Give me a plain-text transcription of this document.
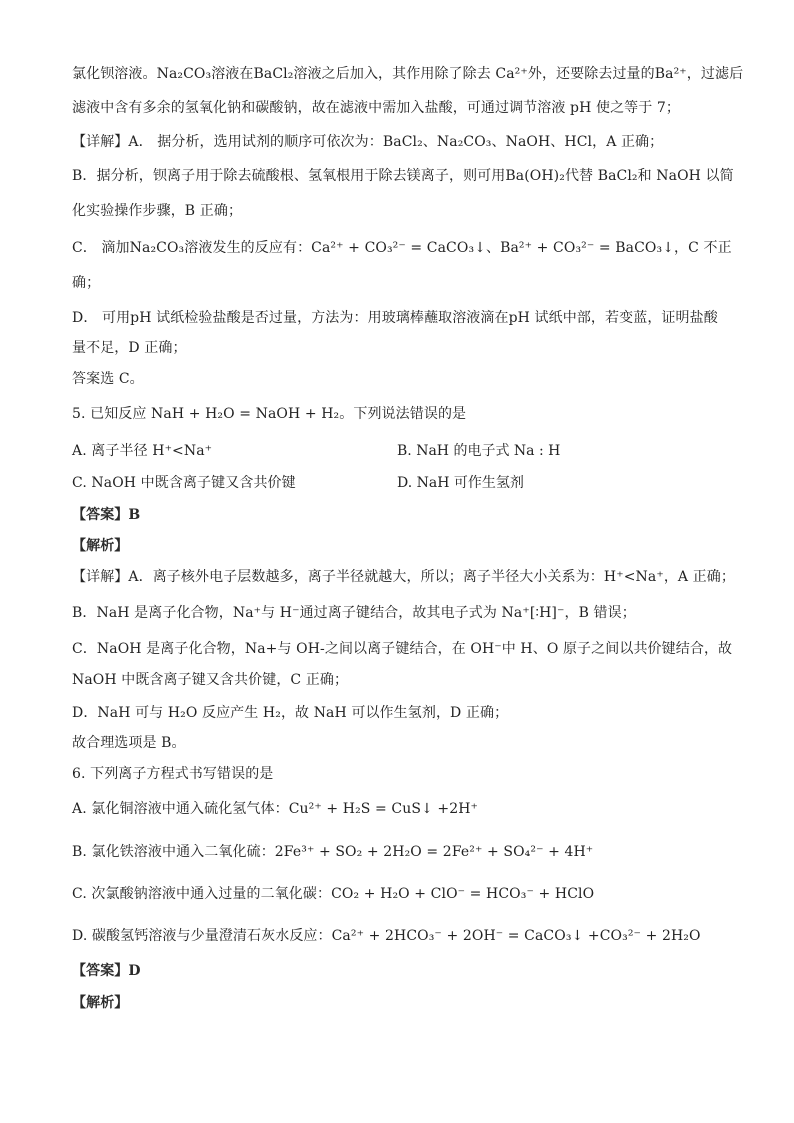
氯化钡溶液。Na₂CO₃溶液在BaCl₂溶液之后加入，其作用除了除去 Ca²⁺外，还要除去过量的Ba²⁺，过滤后
滤液中含有多余的氢氧化钠和碳酸钠，故在滤液中需加入盐酸，可通过调节溶液 pH 使之等于 7；
【详解】A． 据分析，选用试剂的顺序可依次为：BaCl₂、Na₂CO₃、NaOH、HCl，A 正确；
B．据分析，钡离子用于除去硫酸根、氢氧根用于除去镁离子，则可用Ba(OH)₂代替 BaCl₂和 NaOH 以简
化实验操作步骤，B 正确；
C． 滴加Na₂CO₃溶液发生的反应有：Ca²⁺ + CO₃²⁻ = CaCO₃↓、Ba²⁺ + CO₃²⁻ = BaCO₃↓，C 不正
确；
D． 可用pH 试纸检验盐酸是否过量，方法为：用玻璃棒蘸取溶液滴在pH 试纸中部，若变蓝，证明盐酸
量不足，D 正确；
答案选 C。
5. 已知反应 NaH + H₂O = NaOH + H₂。下列说法错误的是
A. 离子半径 H⁺<Na⁺	B. NaH 的电子式 Na : H
C. NaOH 中既含离子键又含共价键	D. NaH 可作生氢剂
【答案】B
【解析】
【详解】A．离子核外电子层数越多，离子半径就越大，所以；离子半径大小关系为：H⁺<Na⁺，A 正确；
B．NaH 是离子化合物，Na⁺与 H⁻通过离子键结合，故其电子式为 Na⁺[∶H]⁻，B 错误；
C．NaOH 是离子化合物，Na+与 OH-之间以离子键结合，在 OH⁻中 H、O 原子之间以共价键结合，故
NaOH 中既含离子键又含共价键，C 正确；
D．NaH 可与 H₂O 反应产生 H₂，故 NaH 可以作生氢剂，D 正确；
故合理选项是 B。
6. 下列离子方程式书写错误的是
A. 氯化铜溶液中通入硫化氢气体：Cu²⁺ + H₂S = CuS↓ +2H⁺
B. 氯化铁溶液中通入二氧化硫：2Fe³⁺ + SO₂ + 2H₂O = 2Fe²⁺ + SO₄²⁻ + 4H⁺
C. 次氯酸钠溶液中通入过量的二氧化碳：CO₂ + H₂O + ClO⁻ = HCO₃⁻ + HClO
D. 碳酸氢钙溶液与少量澄清石灰水反应：Ca²⁺ + 2HCO₃⁻ + 2OH⁻ = CaCO₃↓ +CO₃²⁻ + 2H₂O
【答案】D
【解析】
